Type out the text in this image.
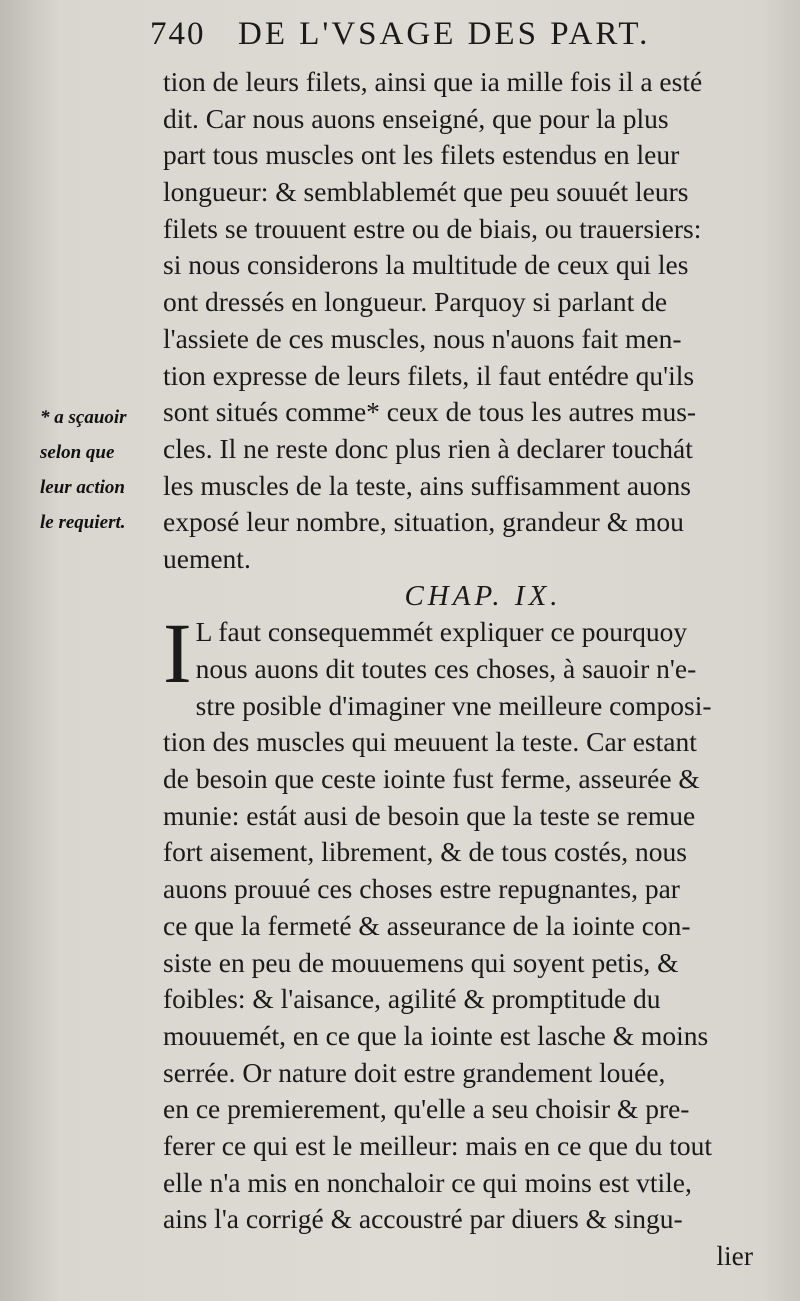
740 DE L'VSAGE DES PART.
* a sçauoir
selon que
leur action
le requiert.
tion de leurs filets, ainsi que ia mille fois il a esté
dit. Car nous auons enseigné, que pour la plus
part tous muscles ont les filets estendus en leur
longueur: & semblablemét que peu souuét leurs
filets se trouuent estre ou de biais, ou trauersiers:
si nous considerons la multitude de ceux qui les
ont dressés en longueur. Parquoy si parlant de
l'assiete de ces muscles, nous n'auons fait men-
tion expresse de leurs filets, il faut entédre qu'ils
sont situés comme* ceux de tous les autres mus-
cles. Il ne reste donc plus rien à declarer touchát
les muscles de la teste, ains suffisamment auons
exposé leur nombre, situation, grandeur & mou
uement.
CHAP. IX.
I L faut consequemmét expliquer ce pourquoy
nous auons dit toutes ces choses, à sauoir n'e-
stre posible d'imaginer vne meilleure composi-
tion des muscles qui meuuent la teste. Car estant
de besoin que ceste iointe fust ferme, asseurée &
munie: estát ausi de besoin que la teste se remue
fort aisement, librement, & de tous costés, nous
auons prouué ces choses estre repugnantes, par
ce que la fermeté & asseurance de la iointe con-
siste en peu de mouuemens qui soyent petis, &
foibles: & l'aisance, agilité & promptitude du
mouuemét, en ce que la iointe est lasche & moins
serrée. Or nature doit estre grandement louée,
en ce premierement, qu'elle a seu choisir & pre-
ferer ce qui est le meilleur: mais en ce que du tout
elle n'a mis en nonchaloir ce qui moins est vtile,
ains l'a corrigé & accoustré par diuers & singu-
lier
